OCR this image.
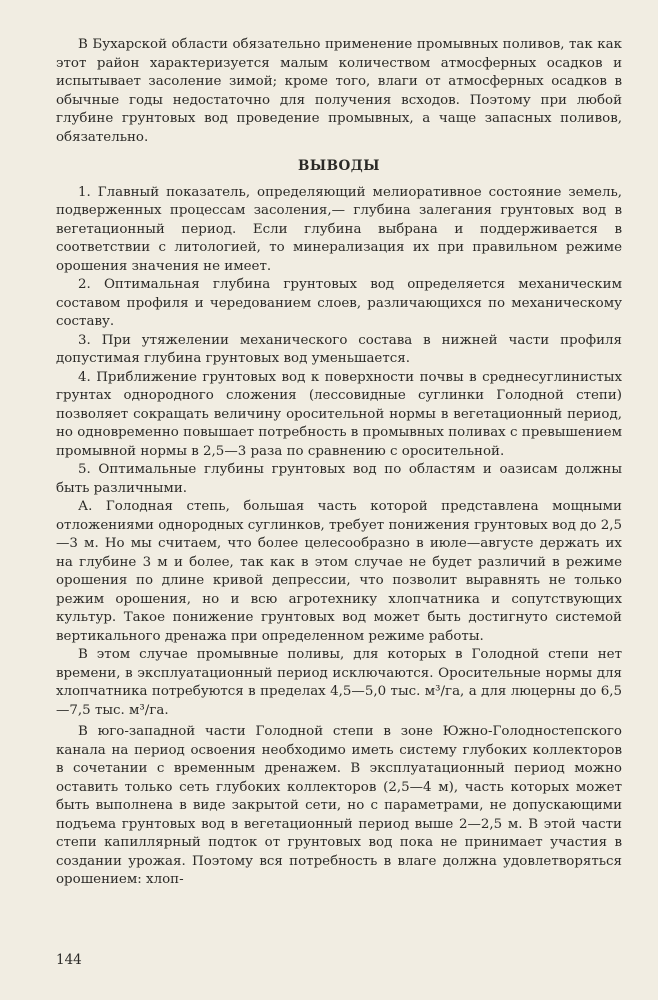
В Бухарской области обязательно применение промывных поливов, так как этот район характеризуется малым количеством атмосферных осадков и испытывает засоление зимой; кроме того, влаги от атмосферных осадков в обычные годы недостаточно для получения всходов. Поэтому при любой глубине грунтовых вод проведение промывных, а чаще запасных поливов, обязательно.

ВЫВОДЫ

1. Главный показатель, определяющий мелиоративное состояние земель, подверженных процессам засоления,— глубина залегания грунтовых вод в вегетационный период. Если глубина выбрана и поддерживается в соответствии с литологией, то минерализация их при правильном режиме орошения значения не имеет.

2. Оптимальная глубина грунтовых вод определяется механическим составом профиля и чередованием слоев, различающихся по механическому составу.

3. При утяжелении механического состава в нижней части профиля допустимая глубина грунтовых вод уменьшается.

4. Приближение грунтовых вод к поверхности почвы в среднесуглинистых грунтах однородного сложения (лессовидные суглинки Голодной степи) позволяет сокращать величину оросительной нормы в вегетационный период, но одновременно повышает потребность в промывных поливах с превышением промывной нормы в 2,5—3 раза по сравнению с оросительной.

5. Оптимальные глубины грунтовых вод по областям и оазисам должны быть различными.

А. Голодная степь, большая часть которой представлена мощными отложениями однородных суглинков, требует понижения грунтовых вод до 2,5—3 м. Но мы считаем, что более целесообразно в июле—августе держать их на глубине 3 м и более, так как в этом случае не будет различий в режиме орошения по длине кривой депрессии, что позволит выравнять не только режим орошения, но и всю агротехнику хлопчатника и сопутствующих культур. Такое понижение грунтовых вод может быть достигнуто системой вертикального дренажа при определенном режиме работы.

В этом случае промывные поливы, для которых в Голодной степи нет времени, в эксплуатационный период исключаются. Оросительные нормы для хлопчатника потребуются в пределах 4,5—5,0 тыс. м³/га, а для люцерны до 6,5—7,5 тыс. м³/га.

В юго-западной части Голодной степи в зоне Южно-Голодностепского канала на период освоения необходимо иметь систему глубоких коллекторов в сочетании с временным дренажем. В эксплуатационный период можно оставить только сеть глубоких коллекторов (2,5—4 м), часть которых может быть выполнена в виде закрытой сети, но с параметрами, не допускающими подъема грунтовых вод в вегетационный период выше 2—2,5 м. В этой части степи капиллярный подток от грунтовых вод пока не принимает участия в создании урожая. Поэтому вся потребность в влаге должна удовлетворяться орошением: хлоп-

144
